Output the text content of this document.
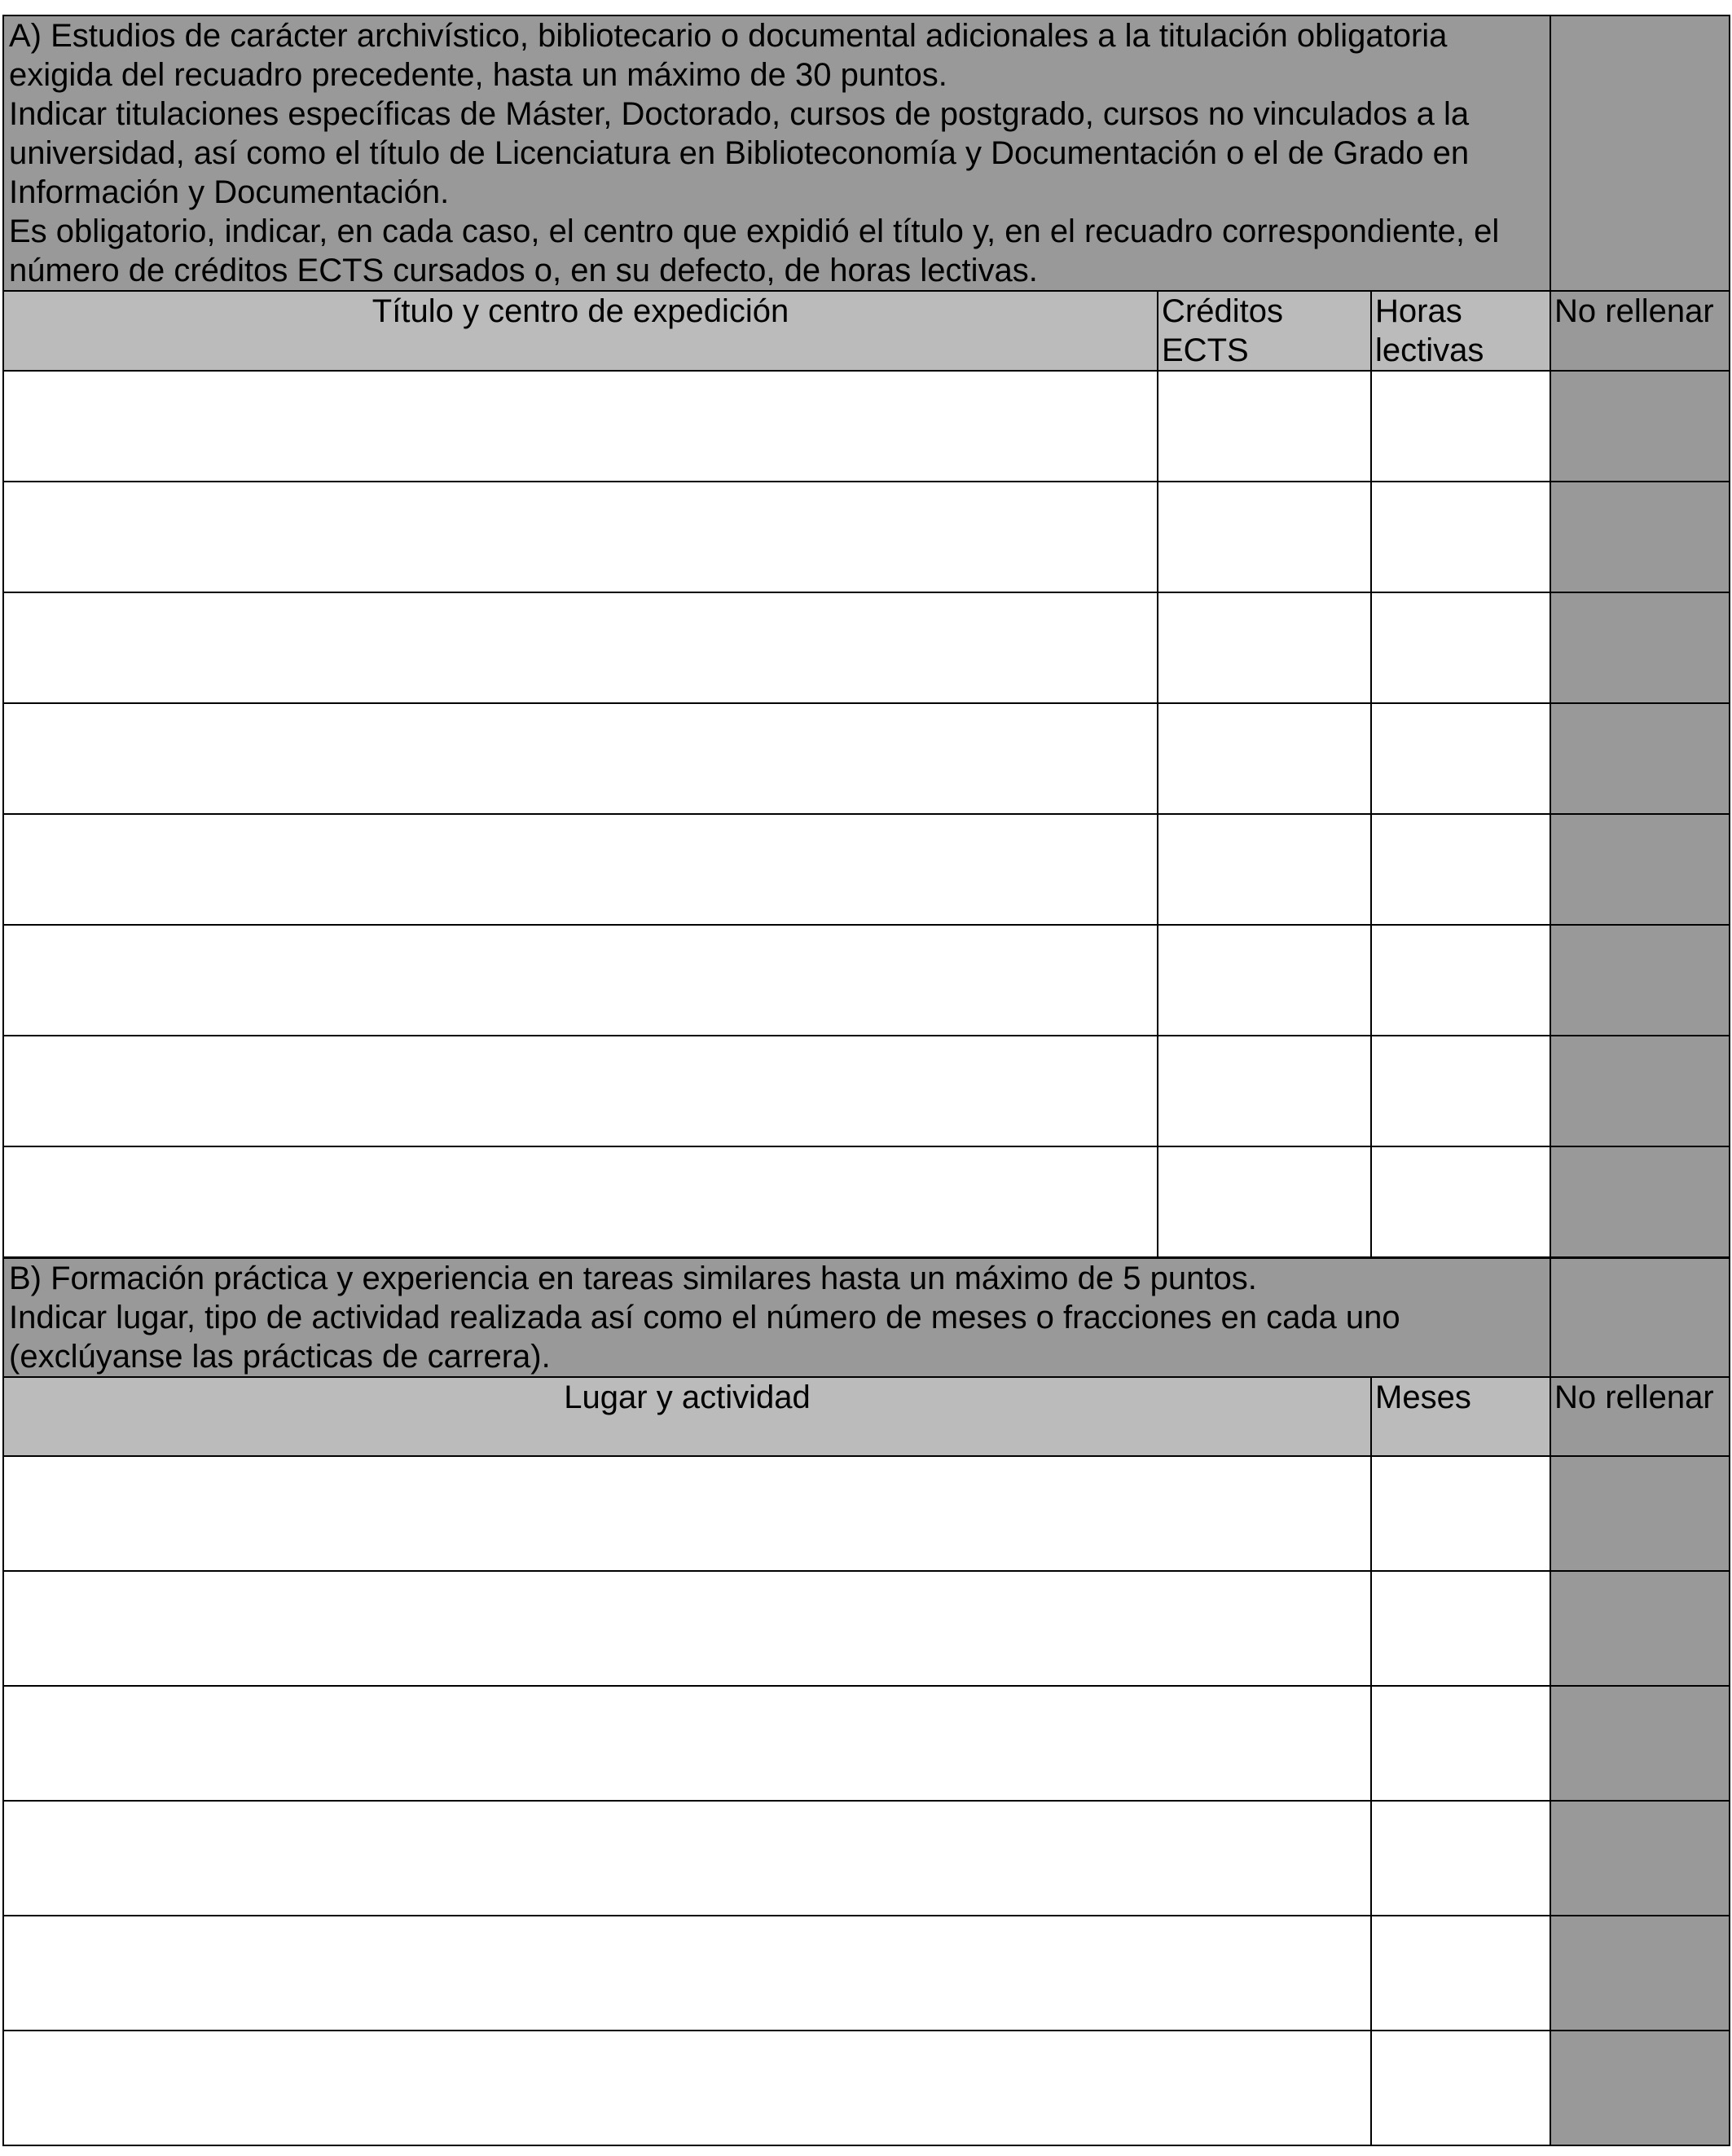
A) Estudios de carácter archivístico, bibliotecario o documental adicionales a la titulación obligatoria exigida del recuadro precedente, hasta un máximo de 30 puntos.

Indicar titulaciones específicas de Máster, Doctorado, cursos de postgrado, cursos no vinculados a la universidad, así como el título de Licenciatura en Biblioteconomía y Documentación o el de Grado en Información y Documentación.

Es obligatorio, indicar, en cada caso, el centro que expidió el título y, en el recuadro correspondiente, el número de créditos ECTS cursados o, en su defecto, de horas lectivas.			

Título y centro de expedición	Créditos ECTS	Horas lectivas	No rellenar

B) Formación práctica y experiencia en tareas similares hasta un máximo de 5 puntos.

Indicar lugar, tipo de actividad realizada así como el número de meses o fracciones en cada uno (exclúyanse las prácticas de carrera).		

Lugar y actividad	Meses	No rellenar
